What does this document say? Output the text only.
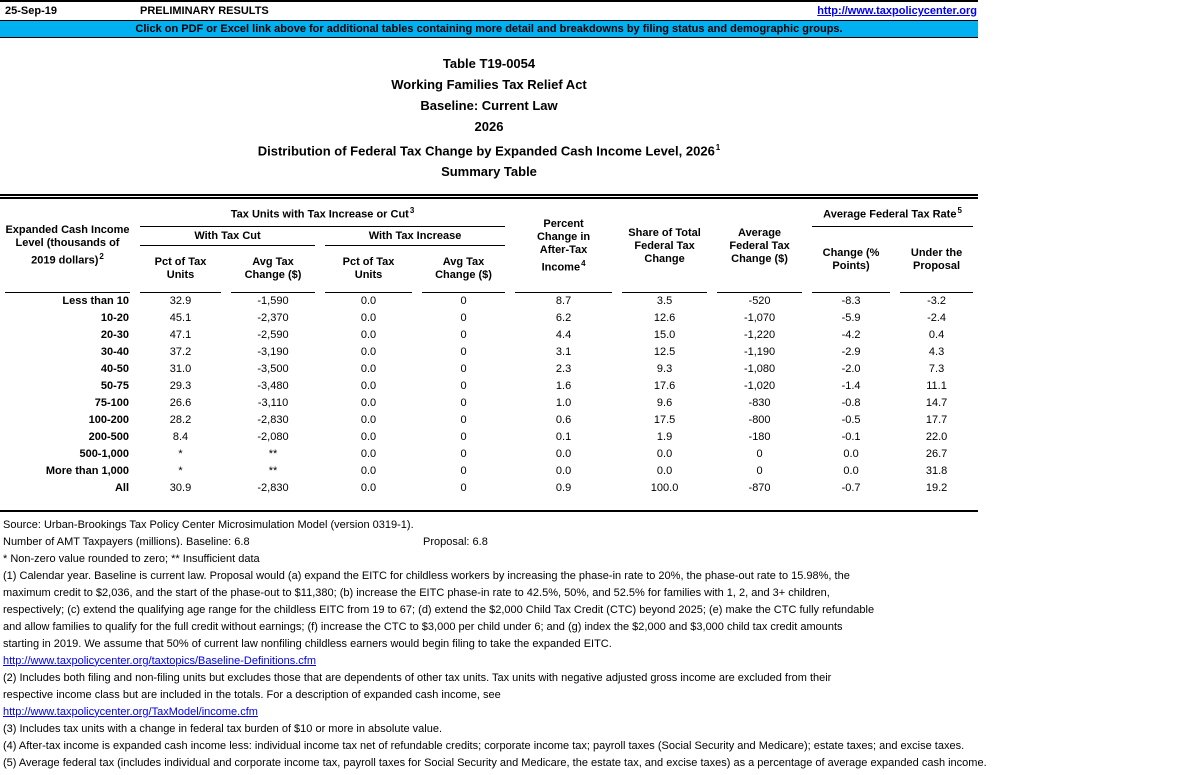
25-Sep-19	PRELIMINARY RESULTS	http://www.taxpolicycenter.org
Click on PDF or Excel link above for additional tables containing more detail and breakdowns by filing status and demographic groups.
Table T19-0054
Working Families Tax Relief Act
Baseline: Current Law
2026
Distribution of Federal Tax Change by Expanded Cash Income Level, 2026$^1$
Summary Table
Expanded Cash Income Level (thousands of 2019 dollars)$^2$	Tax Units with Tax Increase or Cut$^3$				Percent Change in After-Tax Income$^4$	Share of Total Federal Tax Change	Average Federal Tax Change ($)	Average Federal Tax Rate$^5$
	With Tax Cut		With Tax Increase					Change (% Points)	Under the Proposal

	Pct of Tax Units	Avg Tax Change ($)	Pct of Tax Units	Avg Tax Change ($)					

Less than 10	32.9	-1,590	0.0	0	8.7	3.5	-520	-8.3	-3.2
10-20	45.1	-2,370	0.0	0	6.2	12.6	-1,070	-5.9	-2.4
20-30	47.1	-2,590	0.0	0	4.4	15.0	-1,220	-4.2	0.4
30-40	37.2	-3,190	0.0	0	3.1	12.5	-1,190	-2.9	4.3
40-50	31.0	-3,500	0.0	0	2.3	9.3	-1,080	-2.0	7.3
50-75	29.3	-3,480	0.0	0	1.6	17.6	-1,020	-1.4	11.1
75-100	26.6	-3,110	0.0	0	1.0	9.6	-830	-0.8	14.7
100-200	28.2	-2,830	0.0	0	0.6	17.5	-800	-0.5	17.7
200-500	8.4	-2,080	0.0	0	0.1	1.9	-180	-0.1	22.0
500-1,000	*	**	0.0	0	0.0	0.0	0	0.0	26.7
More than 1,000	*	**	0.0	0	0.0	0.0	0	0.0	31.8
All	30.9	-2,830	0.0	0	0.9	100.0	-870	-0.7	19.2

Source: Urban-Brookings Tax Policy Center Microsimulation Model (version 0319-1).
Number of AMT Taxpayers (millions). Baseline: 6.8	Proposal: 6.8
* Non-zero value rounded to zero; ** Insufficient data
(1) Calendar year. Baseline is current law. Proposal would (a) expand the EITC for childless workers by increasing the phase-in rate to 20%, the phase-out rate to 15.98%, the
maximum credit to $2,036, and the start of the phase-out to $11,380; (b) increase the EITC phase-in rate to 42.5%, 50%, and 52.5% for families with 1, 2, and 3+ children,
respectively; (c) extend the qualifying age range for the childless EITC from 19 to 67; (d) extend the $2,000 Child Tax Credit (CTC) beyond 2025; (e) make the CTC fully refundable
and allow families to qualify for the full credit without earnings; (f) increase the CTC to $3,000 per child under 6; and (g) index the $2,000 and $3,000 child tax credit amounts
starting in 2019. We assume that 50% of current law nonfiling childless earners would begin filing to take the expanded EITC.
http://www.taxpolicycenter.org/taxtopics/Baseline-Definitions.cfm
(2) Includes both filing and non-filing units but excludes those that are dependents of other tax units. Tax units with negative adjusted gross income are excluded from their
respective income class but are included in the totals. For a description of expanded cash income, see
http://www.taxpolicycenter.org/TaxModel/income.cfm
(3) Includes tax units with a change in federal tax burden of $10 or more in absolute value.
(4) After-tax income is expanded cash income less: individual income tax net of refundable credits; corporate income tax; payroll taxes (Social Security and Medicare); estate taxes; and excise taxes.
(5) Average federal tax (includes individual and corporate income tax, payroll taxes for Social Security and Medicare, the estate tax, and excise taxes) as a percentage of average expanded cash income.
